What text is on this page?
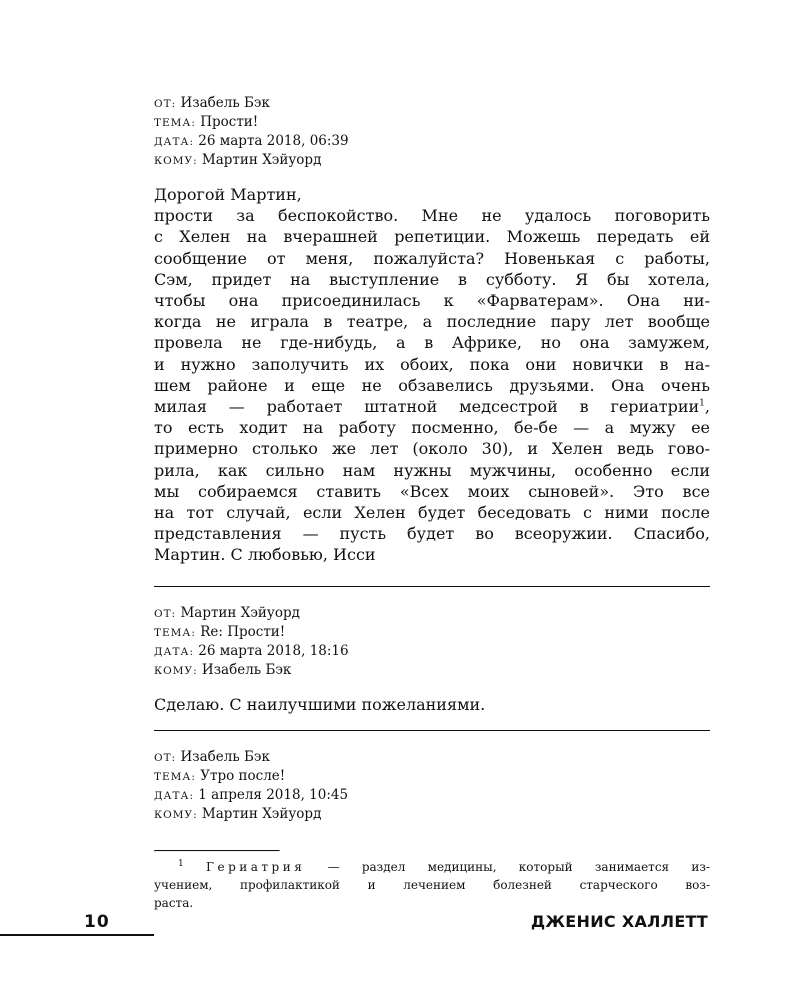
ОТ: Изабель Бэк
ТЕМА: Прости!
ДАТА: 26 марта 2018, 06:39
КОМУ: Мартин Хэйуорд
Дорогой Мартин,
прости за беспокойство. Мне не удалось поговорить
с Хелен на вчерашней репетиции. Можешь передать ей
сообщение от меня, пожалуйста? Новенькая с работы,
Сэм, придет на выступление в субботу. Я бы хотела,
чтобы она присоединилась к «Фарватерам». Она ни-
когда не играла в театре, а последние пару лет вообще
провела не где-нибудь, а в Африке, но она замужем,
и нужно заполучить их обоих, пока они новички в на-
шем районе и еще не обзавелись друзьями. Она очень
милая — работает штатной медсестрой в гериатрии$^1$,
то есть ходит на работу посменно, бе-бе — а мужу ее
примерно столько же лет (около 30), и Хелен ведь гово-
рила, как сильно нам нужны мужчины, особенно если
мы собираемся ставить «Всех моих сыновей». Это все
на тот случай, если Хелен будет беседовать с ними после
представления — пусть будет во всеоружии. Спасибо,
Мартин. С любовью, Исси
ОТ: Мартин Хэйуорд
ТЕМА: Re: Прости!
ДАТА: 26 марта 2018, 18:16
КОМУ: Изабель Бэк
Сделаю. С наилучшими пожеланиями.
ОТ: Изабель Бэк
ТЕМА: Утро после!
ДАТА: 1 апреля 2018, 10:45
КОМУ: Мартин Хэйуорд
$^1$ Гериатрия — раздел медицины, который занимается из-
учением, профилактикой и лечением болезней старческого воз-
раста.
10	ДЖЕНИС ХАЛЛЕТТ
